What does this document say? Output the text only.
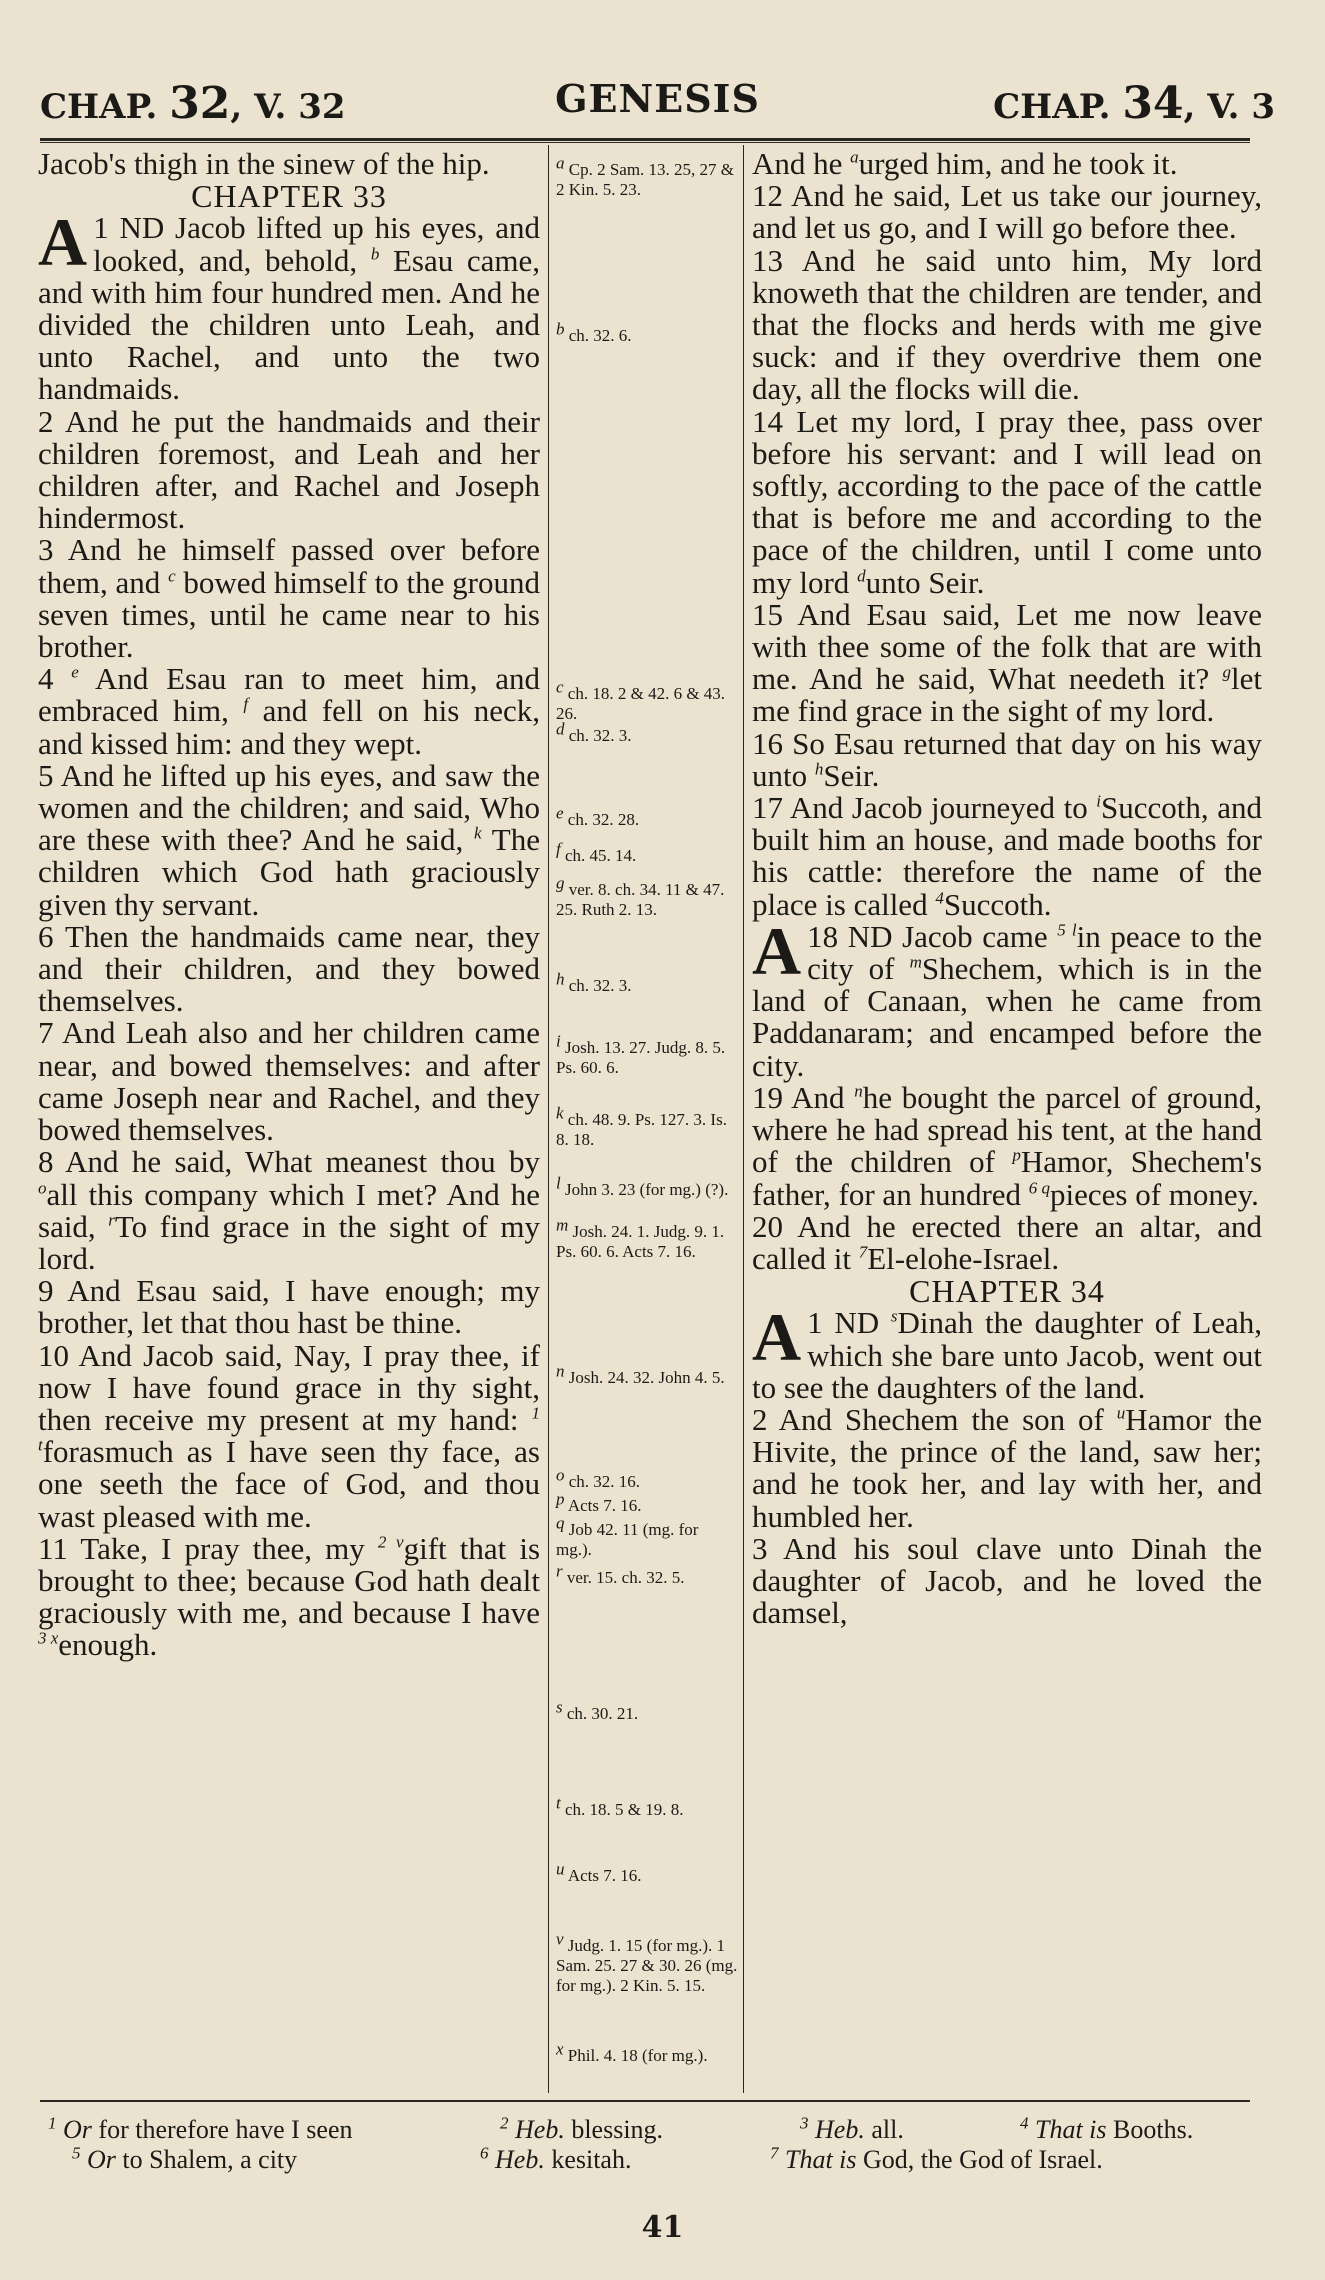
CHAP. 32, V. 32	GENESIS	CHAP. 34, V. 3

Jacob's thigh in the sinew of the hip.

CHAPTER 33

1
A ND Jacob lifted up his eyes, and looked, and, behold, $^b$ Esau came, and with him four hundred men. And he divided the children unto Leah, and unto Rachel, and unto the two handmaids.

2 And he put the handmaids and their children foremost, and Leah and her children after, and Rachel and Joseph hindermost.

3 And he himself passed over before them, and $^c$ bowed himself to the ground seven times, until he came near to his brother.

4 $^e$ And Esau ran to meet him, and embraced him, $^f$ and fell on his neck, and kissed him: and they wept.

5 And he lifted up his eyes, and saw the women and the children; and said, Who are these with thee? And he said, $^k$ The children which God hath graciously given thy servant.

6 Then the handmaids came near, they and their children, and they bowed themselves.

7 And Leah also and her children came near, and bowed themselves: and after came Joseph near and Rachel, and they bowed themselves.

8 And he said, What meanest thou by $^o$all this company which I met? And he said, $^r$To find grace in the sight of my lord.

9 And Esau said, I have enough; my brother, let that thou hast be thine.

10 And Jacob said, Nay, I pray thee, if now I have found grace in thy sight, then receive my present at my hand: $^{1 t}$forasmuch as I have seen thy face, as one seeth the face of God, and thou wast pleased with me.

11 Take, I pray thee, my $^{2 v}$gift that is brought to thee; because God hath dealt graciously with me, and because I have $^{3 x}$enough.

$^a$ Cp. 2 Sam. 13. 25, 27 & 2 Kin. 5. 23.
$^b$ ch. 32. 6.
$^c$ ch. 18. 2 & 42. 6 & 43. 26.
$^d$ ch. 32. 3.
$^e$ ch. 32. 28.
$^f$ ch. 45. 14.
$^g$ ver. 8. ch. 34. 11 & 47. 25. Ruth 2. 13.
$^h$ ch. 32. 3.
$^i$ Josh. 13. 27. Judg. 8. 5. Ps. 60. 6.
$^k$ ch. 48. 9. Ps. 127. 3. Is. 8. 18.
$^l$ John 3. 23 (for mg.) (?).
$^m$ Josh. 24. 1. Judg. 9. 1. Ps. 60. 6. Acts 7. 16.
$^n$ Josh. 24. 32. John 4. 5.
$^o$ ch. 32. 16.
$^p$ Acts 7. 16.
$^q$ Job 42. 11 (mg. for mg.).
$^r$ ver. 15. ch. 32. 5.
$^s$ ch. 30. 21.
$^t$ ch. 18. 5 & 19. 8.
$^u$ Acts 7. 16.
$^v$ Judg. 1. 15 (for mg.). 1 Sam. 25. 27 & 30. 26 (mg. for mg.). 2 Kin. 5. 15.
$^x$ Phil. 4. 18 (for mg.).

And he $^a$urged him, and he took it.

12 And he said, Let us take our journey, and let us go, and I will go before thee.

13 And he said unto him, My lord knoweth that the children are tender, and that the flocks and herds with me give suck: and if they overdrive them one day, all the flocks will die.

14 Let my lord, I pray thee, pass over before his servant: and I will lead on softly, according to the pace of the cattle that is before me and according to the pace of the children, until I come unto my lord $^d$unto Seir.

15 And Esau said, Let me now leave with thee some of the folk that are with me. And he said, What needeth it? $^g$let me find grace in the sight of my lord.

16 So Esau returned that day on his way unto $^h$Seir.

17 And Jacob journeyed to $^i$Succoth, and built him an house, and made booths for his cattle: therefore the name of the place is called $^4$Succoth.

18
A ND Jacob came $^{5 l}$in peace to the city of $^m$Shechem, which is in the land of Canaan, when he came from Paddanaram; and encamped before the city.

19 And $^n$he bought the parcel of ground, where he had spread his tent, at the hand of the children of $^p$Hamor, Shechem's father, for an hundred $^{6 q}$pieces of money.

20 And he erected there an altar, and called it $^7$El-elohe-Israel.

CHAPTER 34

1
A ND $^s$Dinah the daughter of Leah, which she bare unto Jacob, went out to see the daughters of the land.

2 And Shechem the son of $^u$Hamor the Hivite, the prince of the land, saw her; and he took her, and lay with her, and humbled her.

3 And his soul clave unto Dinah the daughter of Jacob, and he loved the damsel,

$^1$ Or for therefore have I seen	$^2$ Heb. blessing.	$^3$ Heb. all.	$^4$ That is Booths.
$^5$ Or to Shalem, a city	$^6$ Heb. kesitah.	$^7$ That is God, the God of Israel.
41
